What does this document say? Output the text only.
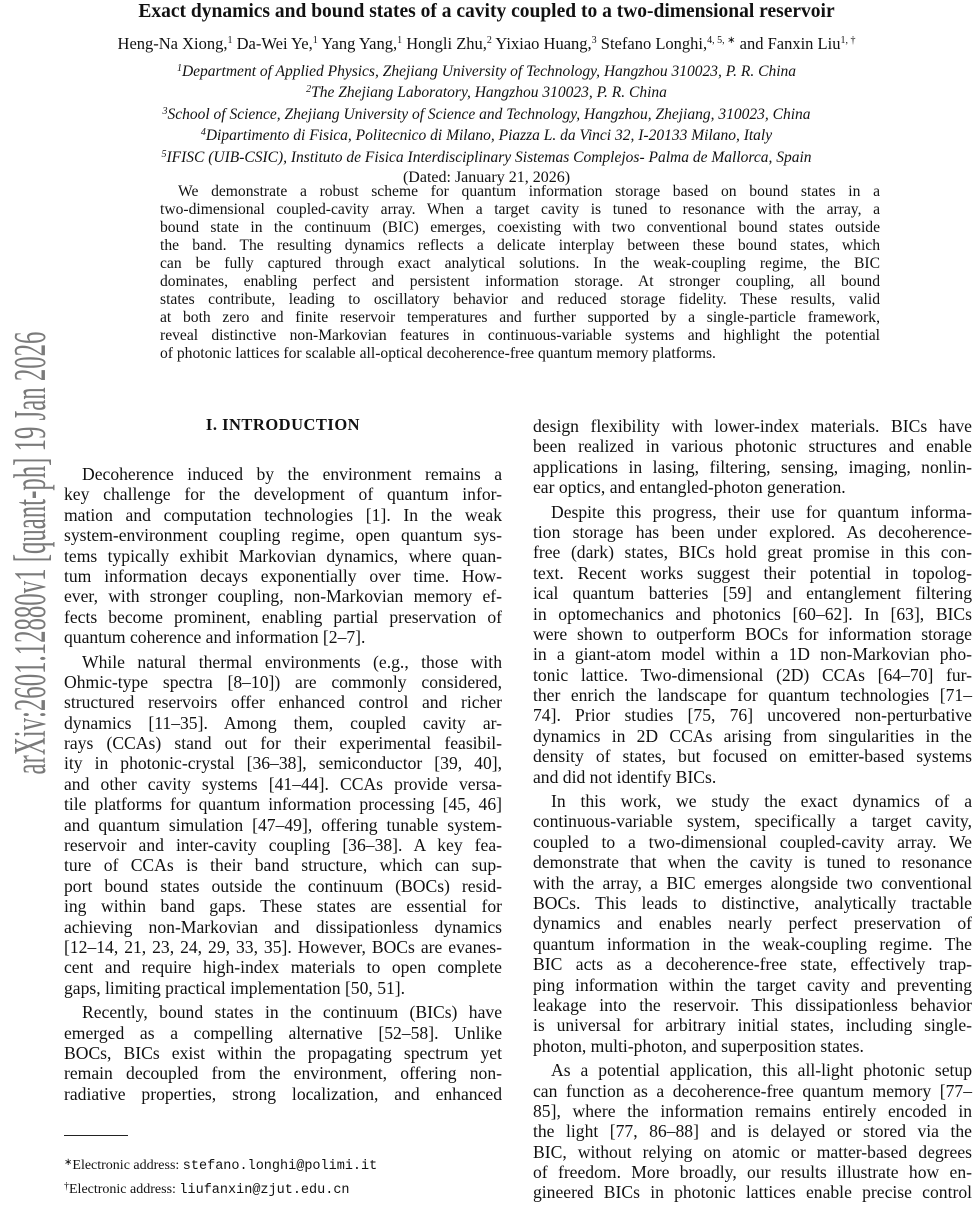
arXiv:2601.12880v1 [quant-ph] 19 Jan 2026
Exact dynamics and bound states of a cavity coupled to a two-dimensional reservoir
Heng-Na Xiong,$^1$ Da-Wei Ye,$^1$ Yang Yang,$^1$ Hongli Zhu,$^2$ Yixiao Huang,$^3$ Stefano Longhi,$^{4, 5, ∗}$ and Fanxin Liu$^{1, \dagger}$
$^1$Department of Applied Physics, Zhejiang University of Technology, Hangzhou 310023, P. R. China
$^2$The Zhejiang Laboratory, Hangzhou 310023, P. R. China
$^3$School of Science, Zhejiang University of Science and Technology, Hangzhou, Zhejiang, 310023, China
$^4$Dipartimento di Fisica, Politecnico di Milano, Piazza L. da Vinci 32, I-20133 Milano, Italy
$^5$IFISC (UIB-CSIC), Instituto de Fisica Interdisciplinary Sistemas Complejos- Palma de Mallorca, Spain
(Dated: January 21, 2026)
We demonstrate a robust scheme for quantum information storage based on bound states in a
two-dimensional coupled-cavity array. When a target cavity is tuned to resonance with the array, a
bound state in the continuum (BIC) emerges, coexisting with two conventional bound states outside
the band. The resulting dynamics reflects a delicate interplay between these bound states, which
can be fully captured through exact analytical solutions. In the weak-coupling regime, the BIC
dominates, enabling perfect and persistent information storage. At stronger coupling, all bound
states contribute, leading to oscillatory behavior and reduced storage fidelity. These results, valid
at both zero and finite reservoir temperatures and further supported by a single-particle framework,
reveal distinctive non-Markovian features in continuous-variable systems and highlight the potential
of photonic lattices for scalable all-optical decoherence-free quantum memory platforms.
I. INTRODUCTION
Decoherence induced by the environment remains a
key challenge for the development of quantum infor-
mation and computation technologies [1]. In the weak
system-environment coupling regime, open quantum sys-
tems typically exhibit Markovian dynamics, where quan-
tum information decays exponentially over time. How-
ever, with stronger coupling, non-Markovian memory ef-
fects become prominent, enabling partial preservation of
quantum coherence and information [2–7].
While natural thermal environments (e.g., those with
Ohmic-type spectra [8–10]) are commonly considered,
structured reservoirs offer enhanced control and richer
dynamics [11–35]. Among them, coupled cavity ar-
rays (CCAs) stand out for their experimental feasibil-
ity in photonic-crystal [36–38], semiconductor [39, 40],
and other cavity systems [41–44]. CCAs provide versa-
tile platforms for quantum information processing [45, 46]
and quantum simulation [47–49], offering tunable system-
reservoir and inter-cavity coupling [36–38]. A key fea-
ture of CCAs is their band structure, which can sup-
port bound states outside the continuum (BOCs) resid-
ing within band gaps. These states are essential for
achieving non-Markovian and dissipationless dynamics
[12–14, 21, 23, 24, 29, 33, 35]. However, BOCs are evanes-
cent and require high-index materials to open complete
gaps, limiting practical implementation [50, 51].
Recently, bound states in the continuum (BICs) have
emerged as a compelling alternative [52–58]. Unlike
BOCs, BICs exist within the propagating spectrum yet
remain decoupled from the environment, offering non-
radiative properties, strong localization, and enhanced
design flexibility with lower-index materials. BICs have
been realized in various photonic structures and enable
applications in lasing, filtering, sensing, imaging, nonlin-
ear optics, and entangled-photon generation.
Despite this progress, their use for quantum informa-
tion storage has been under explored. As decoherence-
free (dark) states, BICs hold great promise in this con-
text. Recent works suggest their potential in topolog-
ical quantum batteries [59] and entanglement filtering
in optomechanics and photonics [60–62]. In [63], BICs
were shown to outperform BOCs for information storage
in a giant-atom model within a 1D non-Markovian pho-
tonic lattice. Two-dimensional (2D) CCAs [64–70] fur-
ther enrich the landscape for quantum technologies [71–
74]. Prior studies [75, 76] uncovered non-perturbative
dynamics in 2D CCAs arising from singularities in the
density of states, but focused on emitter-based systems
and did not identify BICs.
In this work, we study the exact dynamics of a
continuous-variable system, specifically a target cavity,
coupled to a two-dimensional coupled-cavity array. We
demonstrate that when the cavity is tuned to resonance
with the array, a BIC emerges alongside two conventional
BOCs. This leads to distinctive, analytically tractable
dynamics and enables nearly perfect preservation of
quantum information in the weak-coupling regime. The
BIC acts as a decoherence-free state, effectively trap-
ping information within the target cavity and preventing
leakage into the reservoir. This dissipationless behavior
is universal for arbitrary initial states, including single-
photon, multi-photon, and superposition states.
As a potential application, this all-light photonic setup
can function as a decoherence-free quantum memory [77–
85], where the information remains entirely encoded in
the light [77, 86–88] and is delayed or stored via the
BIC, without relying on atomic or matter-based degrees
of freedom. More broadly, our results illustrate how en-
gineered BICs in photonic lattices enable precise control
∗Electronic address: stefano.longhi@polimi.it
†Electronic address: liufanxin@zjut.edu.cn
